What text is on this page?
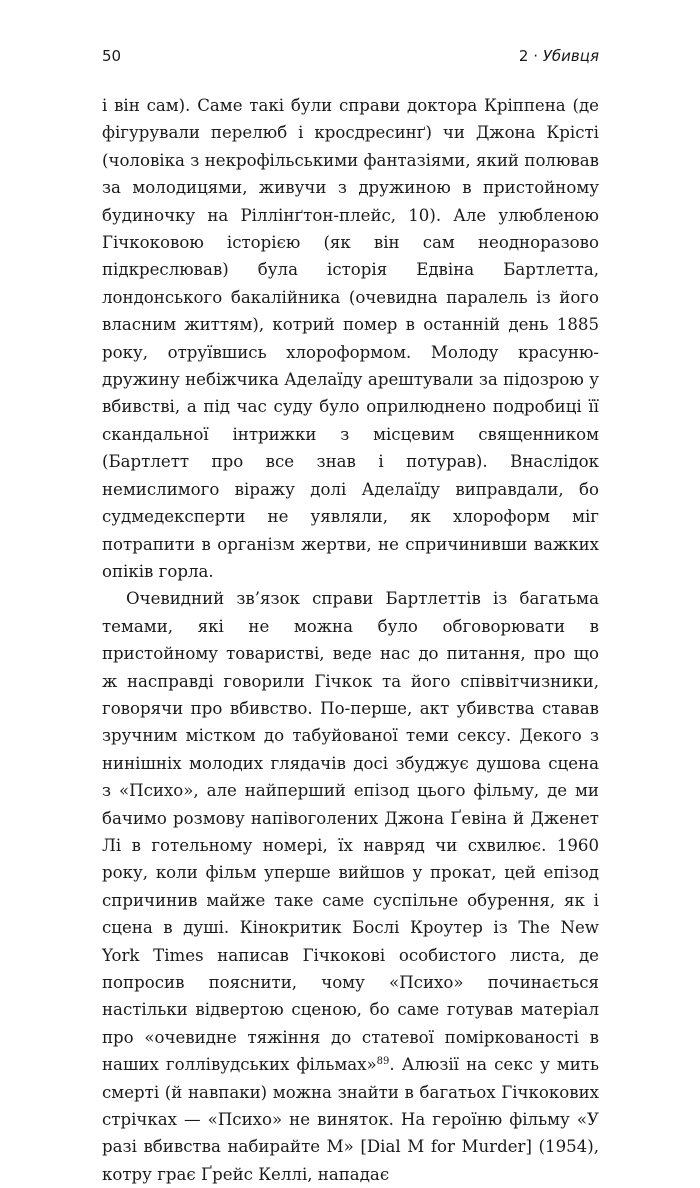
50	2 · Убивця

і він сам). Саме такі були справи доктора Кріппена (де фігурували перелюб і кросдресинґ) чи Джона Крісті (чоловіка з некрофільськими фантазіями, який полював за молодицями, живучи з дружиною в пристойному будиночку на Ріллінґтон-плейс, 10). Але улюбленою Гічкоковою історією (як він сам неодноразово підкреслював) була історія Едвіна Бартлетта, лондонського бакалійника (очевидна паралель із його власним життям), котрий помер в останній день 1885 року, отруївшись хлороформом. Молоду красуню-дружину небіжчика Аделаїду арештували за підозрою у вбивстві, а під час суду було оприлюднено подробиці її скандальної інтрижки з місцевим священником (Бартлетт про все знав і потурав). Внаслідок немислимого віражу долі Аделаїду виправдали, бо судмедексперти не уявляли, як хлороформ міг потрапити в організм жертви, не спричинивши важких опіків горла.

Очевидний зв’язок справи Бартлеттів із багатьма темами, які не можна було обговорювати в пристойному товаристві, веде нас до питання, про що ж насправді говорили Гічкок та його співвітчизники, говорячи про вбивство. По-перше, акт убивства ставав зручним містком до табуйованої теми сексу. Декого з нинішніх молодих глядачів досі збуджує душова сцена з «Психо», але найперший епізод цього фільму, де ми бачимо розмову напівоголених Джона Ґевіна й Дженет Лі в готельному номері, їх навряд чи схвилює. 1960 року, коли фільм уперше вийшов у прокат, цей епізод спричинив майже таке саме суспільне обурення, як і сцена в душі. Кінокритик Бослі Кроутер із The New York Times написав Гічкокові особистого листа, де попросив пояснити, чому «Психо» починається настільки відвертою сценою, бо саме готував матеріал про «очевидне тяжіння до статевої поміркованості в наших голлівудських фільмах»$^{89}$. Алюзії на секс у мить смерті (й навпаки) можна знайти в багатьох Гічкокових стрічках — «Психо» не виняток. На героїню фільму «У разі вбивства набирайте М» [Dial M for Murder] (1954), котру грає Ґрейс Келлі, нападає
